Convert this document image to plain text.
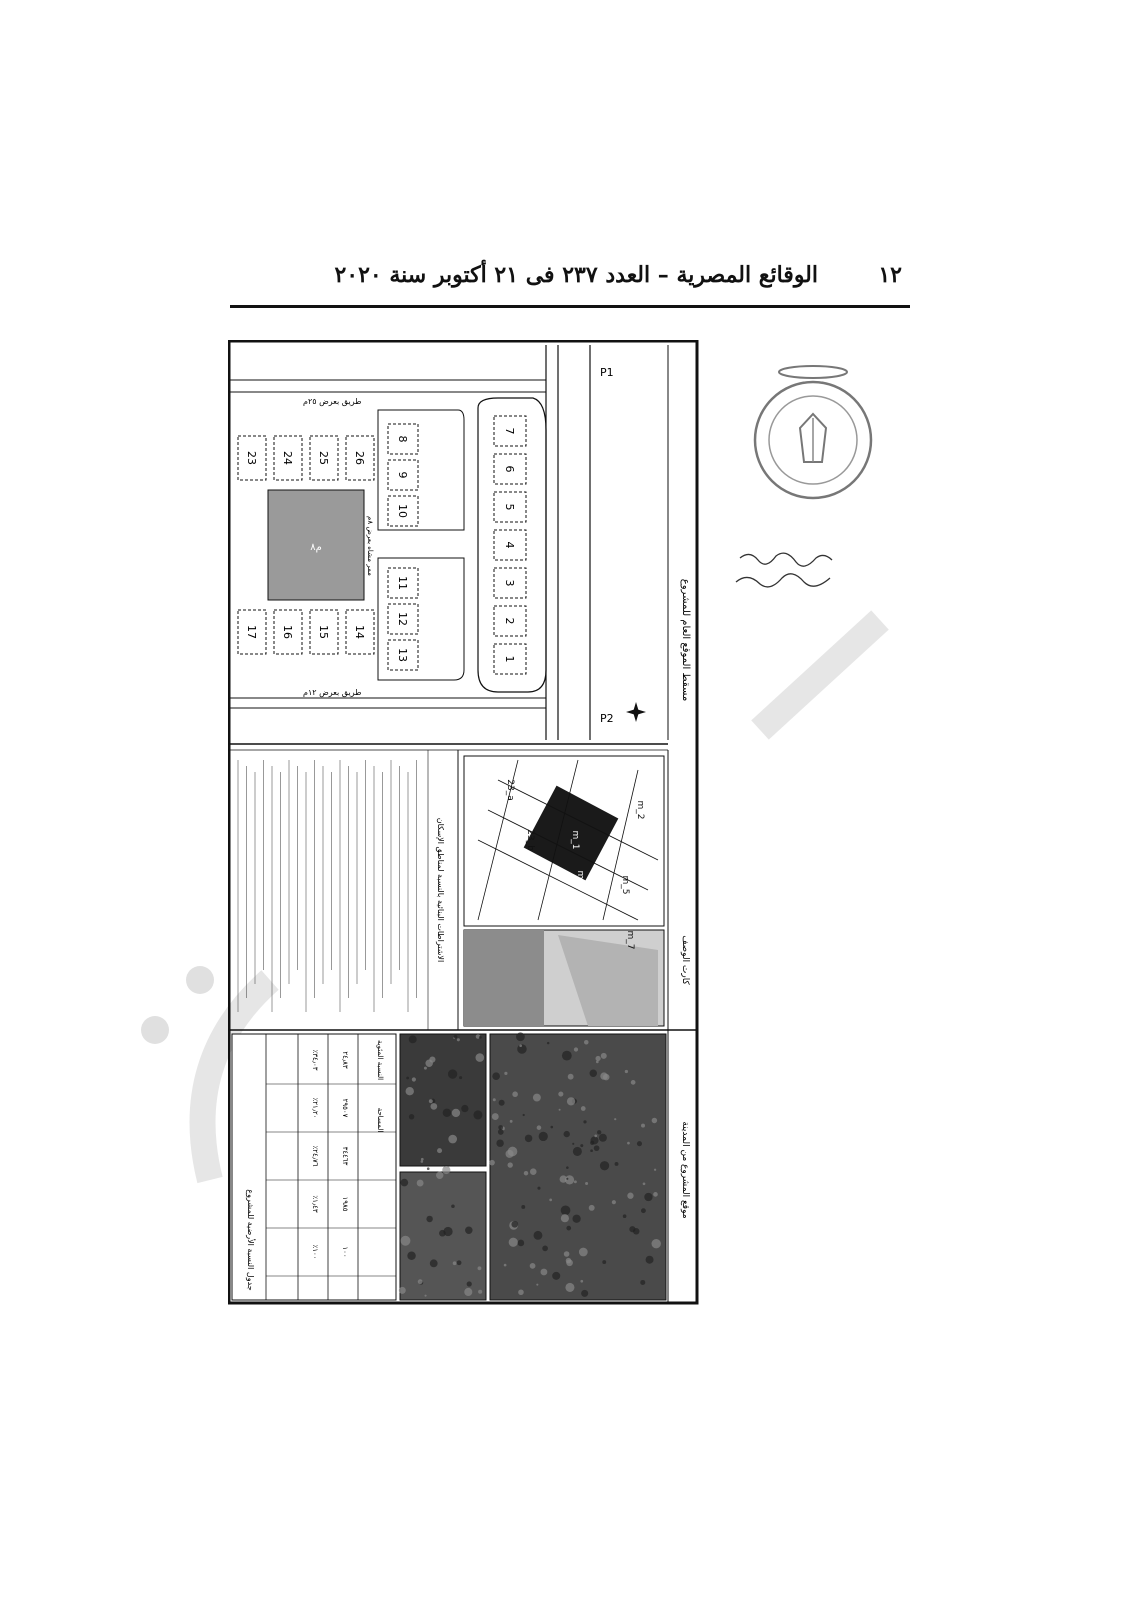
١٢
الوقائع المصرية – العدد ٢٣٧ فى ٢١ أكتوبر سنة ٢٠٢٠
مسقط الموقع العام للمشروع
P1
P2
طريق بعرض ٢٥م
طريق بعرض ١٢م
م٨
ممر مشاه بعرض ٨م
7
6
5
4
3
2
1
8
9
10
11
12
13
26
25
24
23
14
15
16
17
الاشتراطات البنائية بالنسبة لمناطق الإسكان	كارت الوصف
m_1
m_2
m_3	m_5
m_7
23_a
23_b
موقع المشروع من المدينة
جدول النسبة الأرضية للمشروع
المساحة
النسبة المئوية
٢٤٫٨٣
٪٣٤٫٠٣
٢٩٥٠٧
٪٢١٫٢٠
٣٤٤٦٣
٪٢٤٫٧٦
١٩٨٥
٪١٫٤٣
١٠٠
٪١٠٠
